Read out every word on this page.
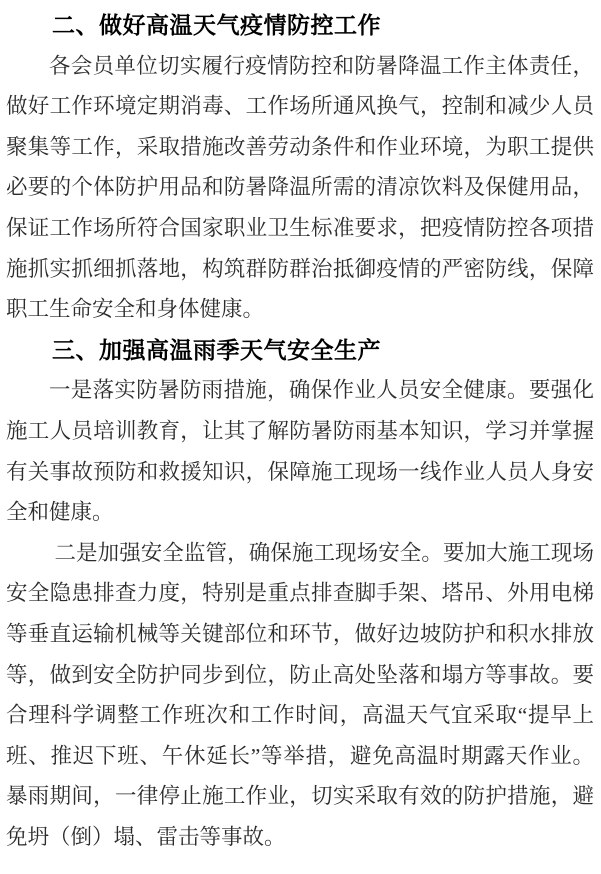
二、做好高温天气疫情防控工作

各会员单位切实履行疫情防控和防暑降温工作主体责任，做好工作环境定期消毒、工作场所通风换气，控制和减少人员聚集等工作，采取措施改善劳动条件和作业环境，为职工提供必要的个体防护用品和防暑降温所需的清凉饮料及保健用品，保证工作场所符合国家职业卫生标准要求，把疫情防控各项措施抓实抓细抓落地，构筑群防群治抵御疫情的严密防线，保障职工生命安全和身体健康。

三、加强高温雨季天气安全生产

一是落实防暑防雨措施，确保作业人员安全健康。要强化施工人员培训教育，让其了解防暑防雨基本知识，学习并掌握有关事故预防和救援知识，保障施工现场一线作业人员人身安全和健康。

二是加强安全监管，确保施工现场安全。要加大施工现场安全隐患排查力度，特别是重点排查脚手架、塔吊、外用电梯等垂直运输机械等关键部位和环节，做好边坡防护和积水排放等，做到安全防护同步到位，防止高处坠落和塌方等事故。要合理科学调整工作班次和工作时间，高温天气宜采取“提早上班、推迟下班、午休延长”等举措，避免高温时期露天作业。暴雨期间，一律停止施工作业，切实采取有效的防护措施，避免坍（倒）塌、雷击等事故。
